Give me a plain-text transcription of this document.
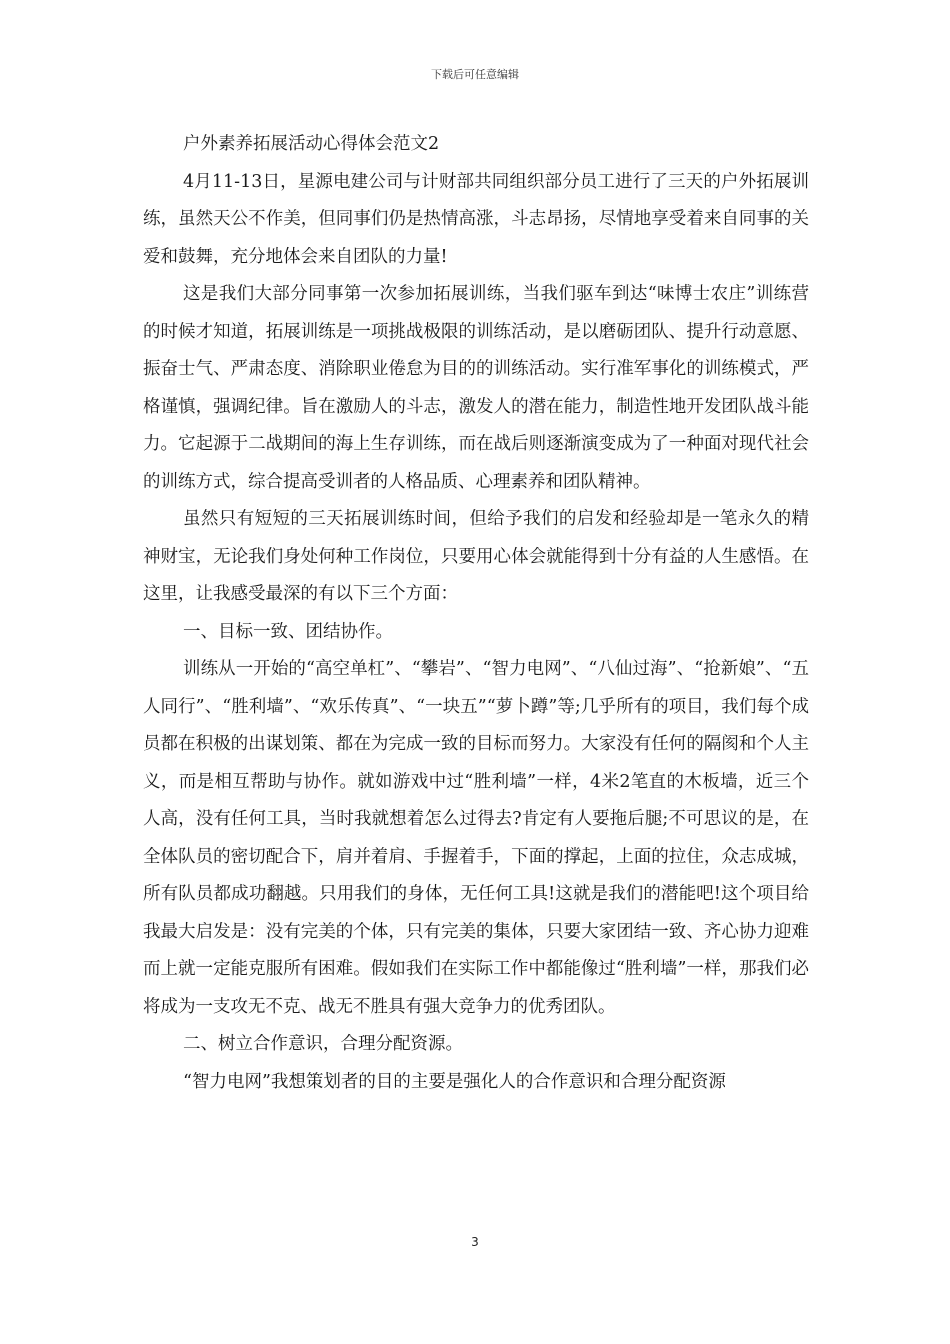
下载后可任意编辑

户外素养拓展活动心得体会范文2

4月11-13日，星源电建公司与计财部共同组织部分员工进行了三天的户外拓展训练，虽然天公不作美，但同事们仍是热情高涨，斗志昂扬，尽情地享受着来自同事的关爱和鼓舞，充分地体会来自团队的力量!

这是我们大部分同事第一次参加拓展训练，当我们驱车到达“味博士农庄”训练营的时候才知道，拓展训练是一项挑战极限的训练活动，是以磨砺团队、提升行动意愿、振奋士气、严肃态度、消除职业倦怠为目的的训练活动。实行准军事化的训练模式，严格谨慎，强调纪律。旨在激励人的斗志，激发人的潜在能力，制造性地开发团队战斗能力。它起源于二战期间的海上生存训练，而在战后则逐渐演变成为了一种面对现代社会的训练方式，综合提高受训者的人格品质、心理素养和团队精神。

虽然只有短短的三天拓展训练时间，但给予我们的启发和经验却是一笔永久的精神财宝，无论我们身处何种工作岗位，只要用心体会就能得到十分有益的人生感悟。在这里，让我感受最深的有以下三个方面：

一、目标一致、团结协作。

训练从一开始的“高空单杠”、“攀岩”、“智力电网”、“八仙过海”、“抢新娘”、“五人同行”、“胜利墙”、“欢乐传真”、“一块五”“萝卜蹲”等;几乎所有的项目，我们每个成员都在积极的出谋划策、都在为完成一致的目标而努力。大家没有任何的隔阂和个人主义，而是相互帮助与协作。就如游戏中过“胜利墙”一样，4米2笔直的木板墙，近三个人高，没有任何工具，当时我就想着怎么过得去?肯定有人要拖后腿;不可思议的是，在全体队员的密切配合下，肩并着肩、手握着手，下面的撑起，上面的拉住，众志成城，所有队员都成功翻越。只用我们的身体，无任何工具!这就是我们的潜能吧!这个项目给我最大启发是：没有完美的个体，只有完美的集体，只要大家团结一致、齐心协力迎难而上就一定能克服所有困难。假如我们在实际工作中都能像过“胜利墙”一样，那我们必将成为一支攻无不克、战无不胜具有强大竞争力的优秀团队。

二、树立合作意识，合理分配资源。

“智力电网”我想策划者的目的主要是强化人的合作意识和合理分配资源

3
